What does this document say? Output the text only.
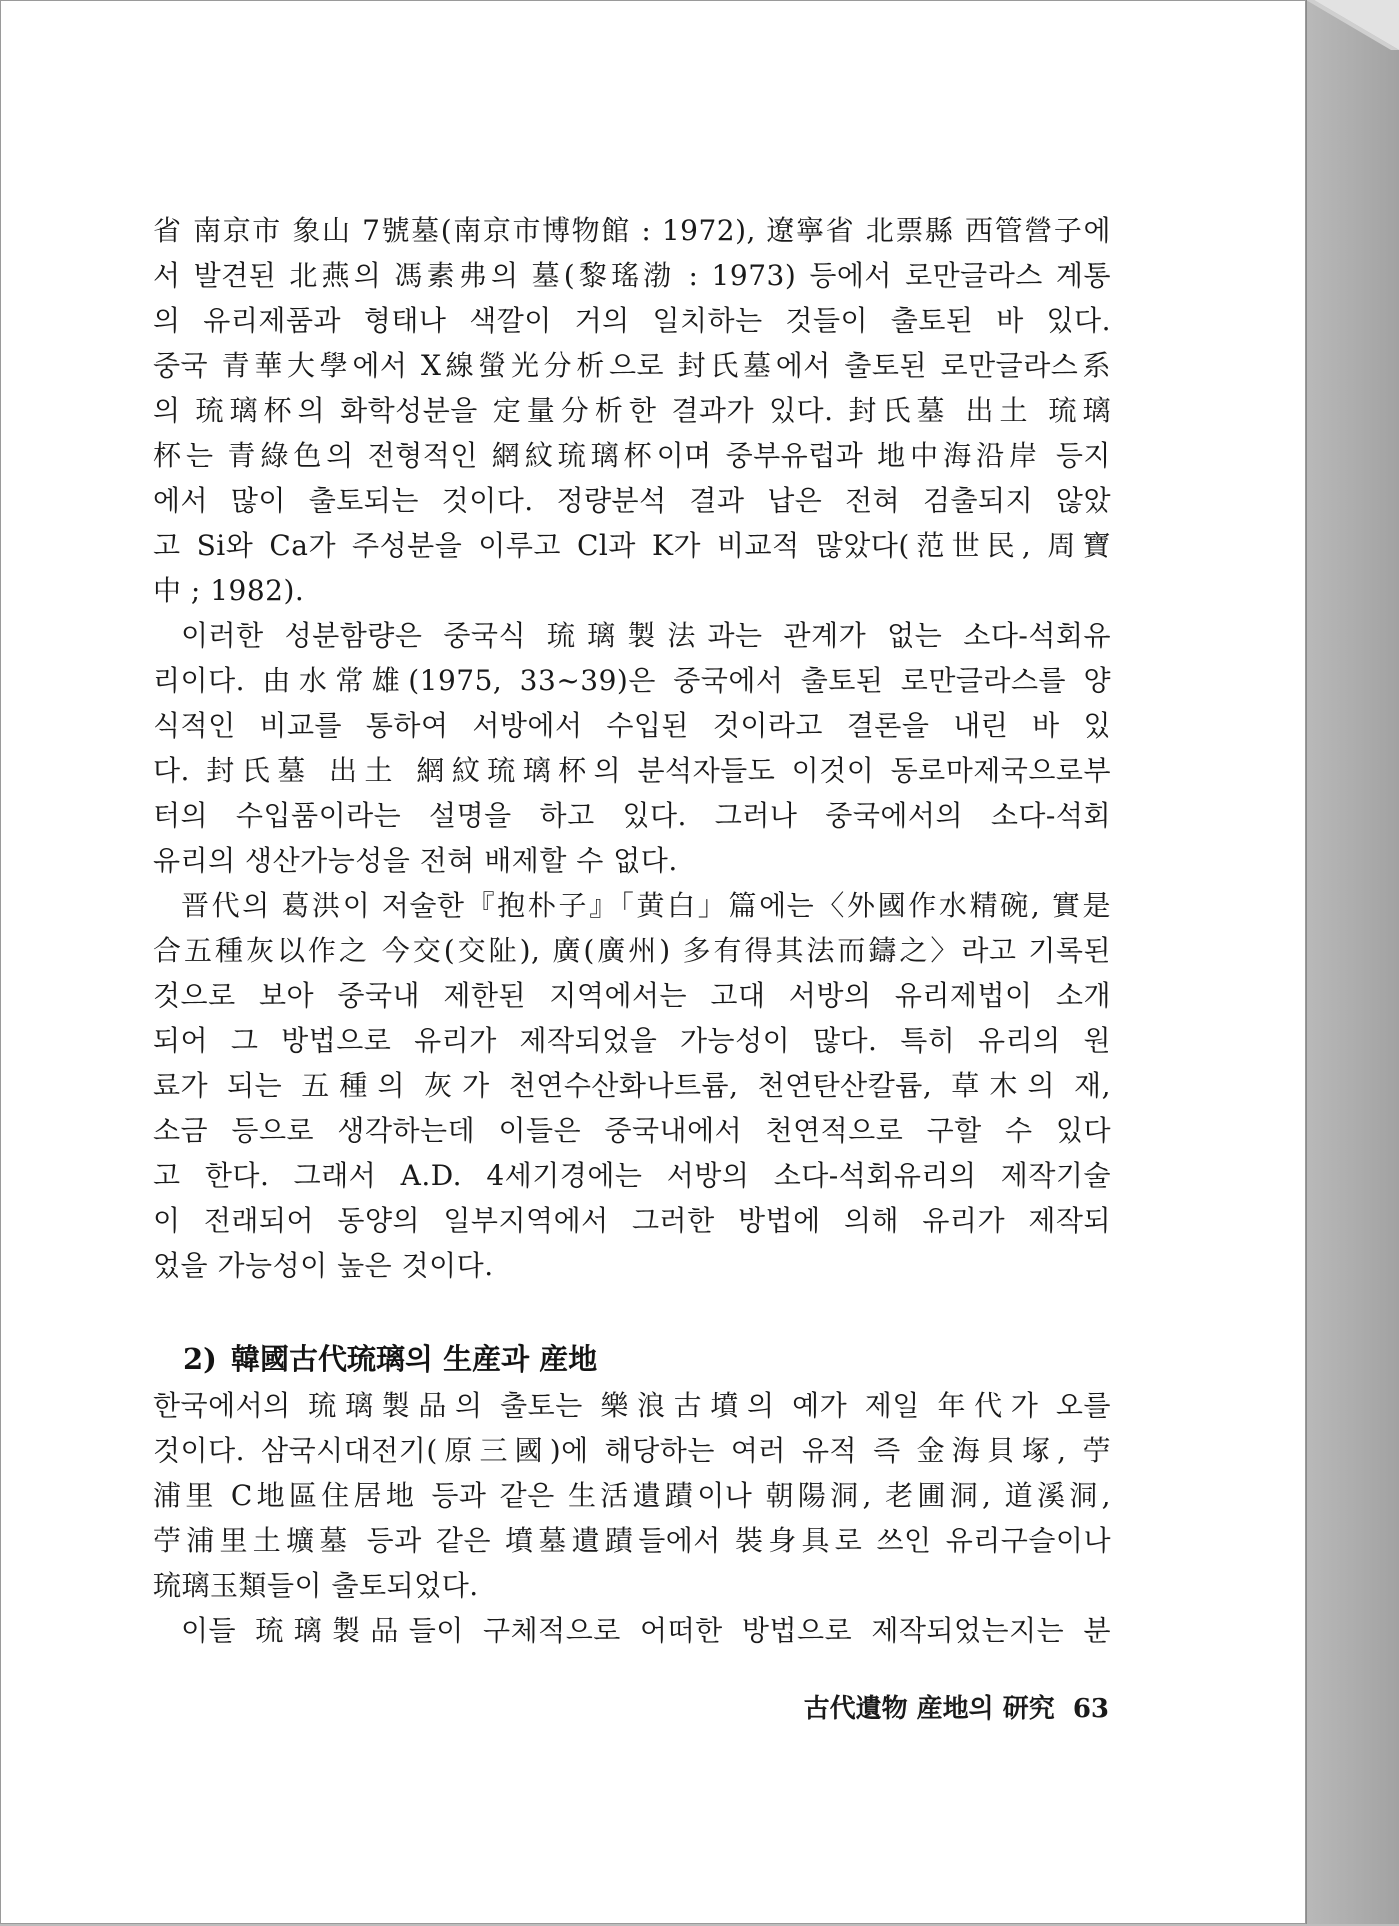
省 南京市 象山 7號墓(南京市博物館 : 1972), 遼寧省 北票縣 西管營子에
서 발견된 北燕의 馮素弗의 墓(黎瑤渤 : 1973) 등에서 로만글라스 계통
의 유리제품과 형태나 색깔이 거의 일치하는 것들이 출토된 바 있다.
중국 青華大學에서 X線螢光分析으로 封氏墓에서 출토된 로만글라스系
의 琉璃杯의 화학성분을 定量分析한 결과가 있다. 封氏墓 出土 琉璃
杯는 青綠色의 전형적인 網紋琉璃杯이며 중부유럽과 地中海沿岸 등지
에서 많이 출토되는 것이다. 정량분석 결과 납은 전혀 검출되지 않았
고 Si와 Ca가 주성분을 이루고 Cl과 K가 비교적 많았다(范世民, 周寶
中 ; 1982).
이러한 성분함량은 중국식 琉璃製法과는 관계가 없는 소다-석회유
리이다. 由水常雄(1975, 33~39)은 중국에서 출토된 로만글라스를 양
식적인 비교를 통하여 서방에서 수입된 것이라고 결론을 내린 바 있
다. 封氏墓 出土 網紋琉璃杯의 분석자들도 이것이 동로마제국으로부
터의 수입품이라는 설명을 하고 있다. 그러나 중국에서의 소다-석회
유리의 생산가능성을 전혀 배제할 수 없다.
晋代의 葛洪이 저술한『抱朴子』「黄白」篇에는〈外國作水精碗, 實是
合五種灰以作之 今交(交阯), 廣(廣州) 多有得其法而鑄之〉라고 기록된
것으로 보아 중국내 제한된 지역에서는 고대 서방의 유리제법이 소개
되어 그 방법으로 유리가 제작되었을 가능성이 많다. 특히 유리의 원
료가 되는 五種의 灰가 천연수산화나트륨, 천연탄산칼륨, 草木의 재,
소금 등으로 생각하는데 이들은 중국내에서 천연적으로 구할 수 있다
고 한다. 그래서 A.D. 4세기경에는 서방의 소다-석회유리의 제작기술
이 전래되어 동양의 일부지역에서 그러한 방법에 의해 유리가 제작되
었을 가능성이 높은 것이다.
2) 韓國古代琉璃의 生産과 産地
한국에서의 琉璃製品의 출토는 樂浪古墳의 예가 제일 年代가 오를
것이다. 삼국시대전기(原三國)에 해당하는 여러 유적 즉 金海貝塚, 苧
浦里 C地區住居地 등과 같은 生活遺蹟이나 朝陽洞, 老圃洞, 道溪洞,
苧浦里土壙墓 등과 같은 墳墓遺蹟들에서 裝身具로 쓰인 유리구슬이나
琉璃玉類들이 출토되었다.
이들 琉璃製品들이 구체적으로 어떠한 방법으로 제작되었는지는 분
古代遺物 産地의 研究 63
